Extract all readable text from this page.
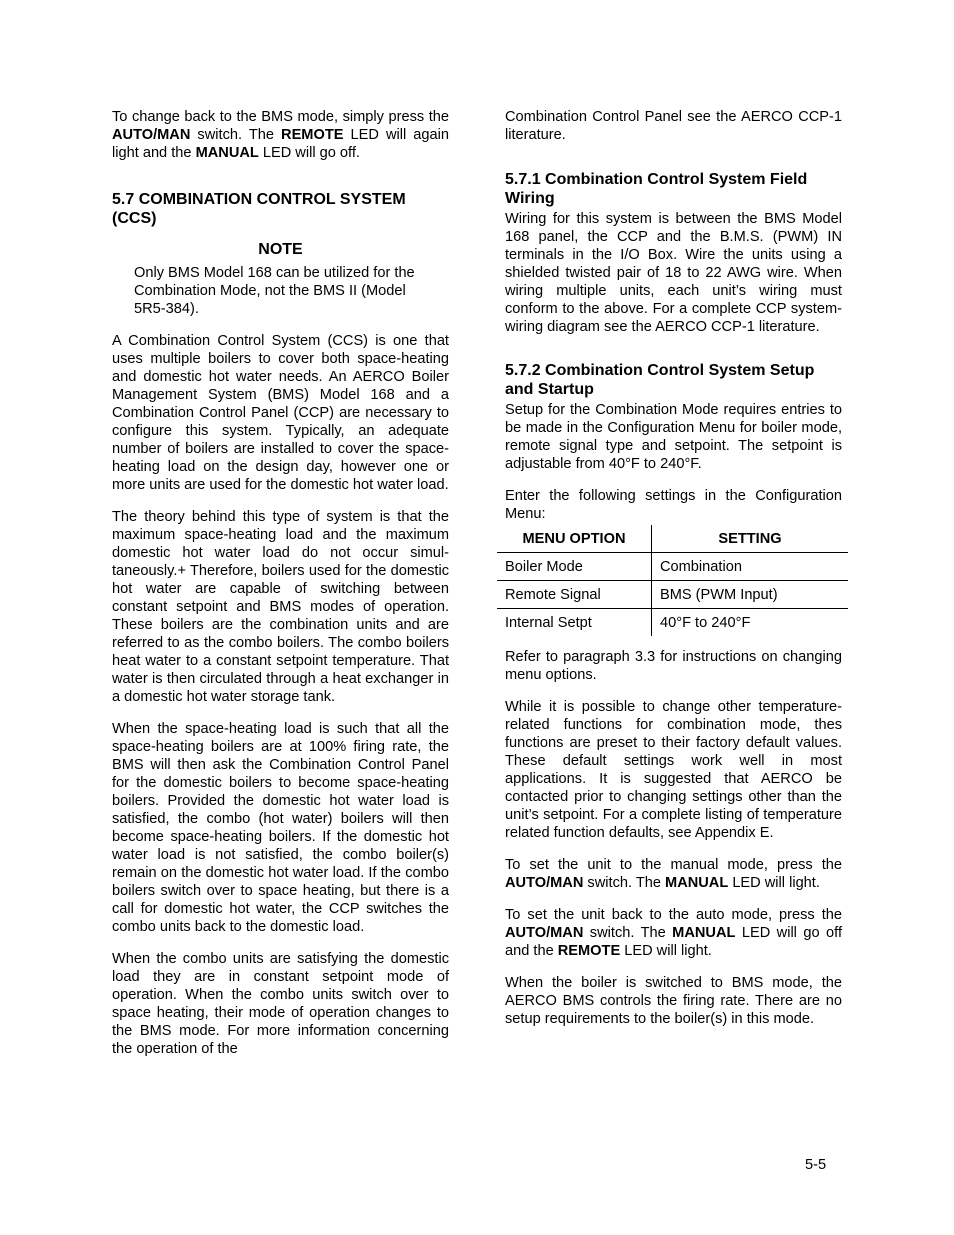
To change back to the BMS mode, simply press the AUTO/MAN switch. The REMOTE LED will again light and the MANUAL LED will go off.

5.7 COMBINATION CONTROL SYSTEM (CCS)
NOTE

Only BMS Model 168 can be utilized for the Combination Mode, not the BMS II (Model 5R5-384).

A Combination Control System (CCS) is one that uses multiple boilers to cover both space-heating and domestic hot water needs. An AERCO Boiler Management System (BMS) Model 168 and a Combination Control Panel (CCP) are necessary to configure this system. Typically, an adequate number of boilers are installed to cover the space-heating load on the design day, however one or more units are used for the domestic hot water load.

The theory behind this type of system is that the maximum space-heating load and the maximum domestic hot water load do not occur simul-taneously.+ Therefore, boilers used for the domestic hot water are capable of switching between constant setpoint and BMS modes of operation. These boilers are the combination units and are referred to as the combo boilers. The combo boilers heat water to a constant setpoint temperature. That water is then circulated through a heat exchanger in a domestic hot water storage tank.

When the space-heating load is such that all the space-heating boilers are at 100% firing rate, the BMS will then ask the Combination Control Panel for the domestic boilers to become space-heating boilers. Provided the domestic hot water load is satisfied, the combo (hot water) boilers will then become space-heating boilers. If the domestic hot water load is not satisfied, the combo boiler(s) remain on the domestic hot water load. If the combo boilers switch over to space heating, but there is a call for domestic hot water, the CCP switches the combo units back to the domestic load.

When the combo units are satisfying the domestic load they are in constant setpoint mode of operation. When the combo units switch over to space heating, their mode of operation changes to the BMS mode. For more information concerning the operation of the

Combination Control Panel see the AERCO CCP-1 literature.

5.7.1 Combination Control System Field Wiring

Wiring for this system is between the BMS Model 168 panel, the CCP and the B.M.S. (PWM) IN terminals in the I/O Box. Wire the units using a shielded twisted pair of 18 to 22 AWG wire. When wiring multiple units, each unit’s wiring must conform to the above. For a complete CCP system-wiring diagram see the AERCO CCP-1 literature.

5.7.2 Combination Control System Setup and Startup

Setup for the Combination Mode requires entries to be made in the Configuration Menu for boiler mode, remote signal type and setpoint. The setpoint is adjustable from 40°F to 240°F.

Enter the following settings in the Configuration Menu:

MENU OPTION	SETTING
Boiler Mode	Combination
Remote Signal	BMS (PWM Input)
Internal Setpt	40°F to 240°F

Refer to paragraph 3.3 for instructions on changing menu options.

While it is possible to change other temperature-related functions for combination mode, thes functions are preset to their factory default values. These default settings work well in most applications. It is suggested that AERCO be contacted prior to changing settings other than the unit’s setpoint. For a complete listing of temperature related function defaults, see Appendix E.

To set the unit to the manual mode, press the AUTO/MAN switch. The MANUAL LED will light.

To set the unit back to the auto mode, press the AUTO/MAN switch. The MANUAL LED will go off and the REMOTE LED will light.

When the boiler is switched to BMS mode, the AERCO BMS controls the firing rate. There are no setup requirements to the boiler(s) in this mode.

5-5
